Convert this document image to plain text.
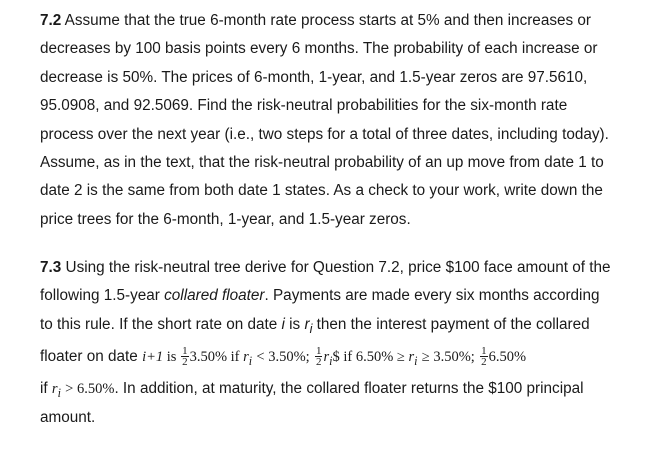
7.2 Assume that the true 6-month rate process starts at 5% and then increases or
decreases by 100 basis points every 6 months. The probability of each increase or
decrease is 50%. The prices of 6-month, 1-year, and 1.5-year zeros are 97.5610,
95.0908, and 92.5069. Find the risk-neutral probabilities for the six-month rate
process over the next year (i.e., two steps for a total of three dates, including today).
Assume, as in the text, that the risk-neutral probability of an up move from date 1 to
date 2 is the same from both date 1 states. As a check to your work, write down the
price trees for the 6-month, 1-year, and 1.5-year zeros.
7.3 Using the risk-neutral tree derive for Question 7.2, price $100 face amount of the
following 1.5-year collared floater. Payments are made every six months according
to this rule. If the short rate on date i is $r_i$ then the interest payment of the collared
floater on date i+1 is $\frac{1}{2} 3.50\%$ if $r_i < 3.50\%$; $\frac{1}{2}$ $r_i\$$ if $6.50\% \ge r_i \ge 3.50\%$; $\frac{1}{2} 6.50\%$
if $r_i > 6.50\%$. In addition, at maturity, the collared floater returns the $100 principal
amount.
